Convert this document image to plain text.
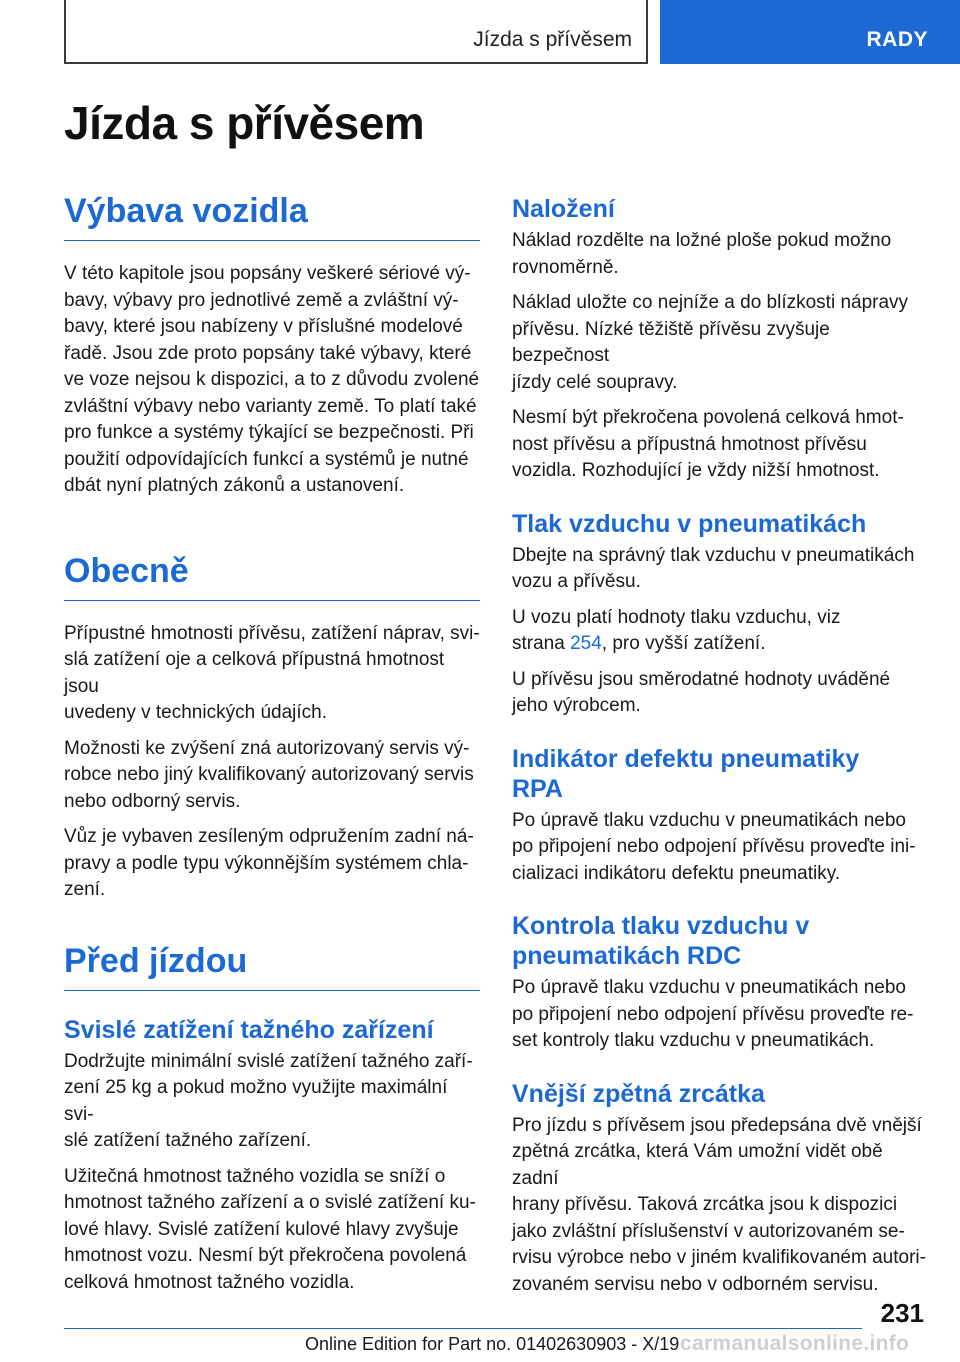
Jízda s přívěsem	RADY
Jízda s přívěsem
Výbava vozidla

V této kapitole jsou popsány veškeré sériové vý‐
bavy, výbavy pro jednotlivé země a zvláštní vý‐
bavy, které jsou nabízeny v příslušné modelové
řadě. Jsou zde proto popsány také výbavy, které
ve voze nejsou k dispozici, a to z důvodu zvolené
zvláštní výbavy nebo varianty země. To platí také
pro funkce a systémy týkající se bezpečnosti. Při
použití odpovídajících funkcí a systémů je nutné
dbát nyní platných zákonů a ustanovení.

Obecně

Přípustné hmotnosti přívěsu, zatížení náprav, svi‐
slá zatížení oje a celková přípustná hmotnost jsou
uvedeny v technických údajích.

Možnosti ke zvýšení zná autorizovaný servis vý‐
robce nebo jiný kvalifikovaný autorizovaný servis
nebo odborný servis.

Vůz je vybaven zesíleným odpružením zadní ná‐
pravy a podle typu výkonnějším systémem chla‐
zení.

Před jízdou
Svislé zatížení tažného zařízení

Dodržujte minimální svislé zatížení tažného zaří‐
zení 25 kg a pokud možno využijte maximální svi‐
slé zatížení tažného zařízení.

Užitečná hmotnost tažného vozidla se sníží o
hmotnost tažného zařízení a o svislé zatížení ku‐
lové hlavy. Svislé zatížení kulové hlavy zvyšuje
hmotnost vozu. Nesmí být překročena povolená
celková hmotnost tažného vozidla.

Naložení

Náklad rozdělte na ložné ploše pokud možno
rovnoměrně.

Náklad uložte co nejníže a do blízkosti nápravy
přívěsu. Nízké těžiště přívěsu zvyšuje bezpečnost
jízdy celé soupravy.

Nesmí být překročena povolená celková hmot‐
nost přívěsu a přípustná hmotnost přívěsu
vozidla. Rozhodující je vždy nižší hmotnost.

Tlak vzduchu v pneumatikách

Dbejte na správný tlak vzduchu v pneumatikách
vozu a přívěsu.

U vozu platí hodnoty tlaku vzduchu, viz
strana 254, pro vyšší zatížení.

U přívěsu jsou směrodatné hodnoty uváděné
jeho výrobcem.

Indikátor defektu pneumatiky
RPA

Po úpravě tlaku vzduchu v pneumatikách nebo
po připojení nebo odpojení přívěsu proveďte ini‐
cializaci indikátoru defektu pneumatiky.

Kontrola tlaku vzduchu v
pneumatikách RDC

Po úpravě tlaku vzduchu v pneumatikách nebo
po připojení nebo odpojení přívěsu proveďte re‐
set kontroly tlaku vzduchu v pneumatikách.

Vnější zpětná zrcátka

Pro jízdu s přívěsem jsou předepsána dvě vnější
zpětná zrcátka, která Vám umožní vidět obě zadní
hrany přívěsu. Taková zrcátka jsou k dispozici
jako zvláštní příslušenství v autorizovaném se‐
rvisu výrobce nebo v jiném kvalifikovaném autori‐
zovaném servisu nebo v odborném servisu.

231
Online Edition for Part no. 01402630903 - X/19 carmanualsonline.info
